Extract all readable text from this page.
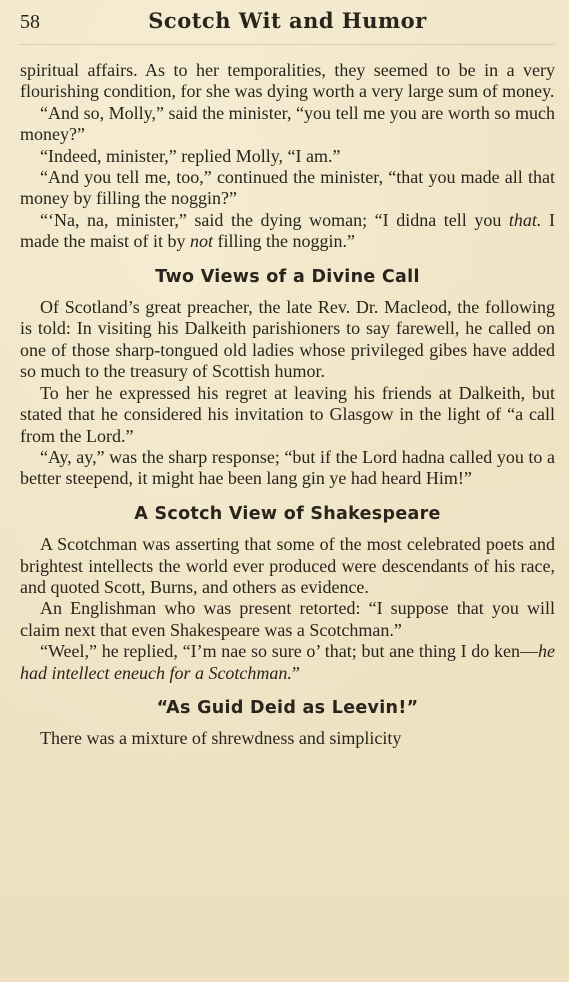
58	Scotch Wit and Humor

spiritual affairs. As to her temporalities, they seemed to be in a very flourishing condition, for she was dying worth a very large sum of money.

“And so, Molly,” said the minister, “you tell me you are worth so much money?”

“Indeed, minister,” replied Molly, “I am.”

“And you tell me, too,” continued the minister, “that you made all that money by filling the noggin?”

“‘Na, na, minister,” said the dying woman; “I didna tell you that. I made the maist of it by not filling the noggin.”

Two Views of a Divine Call

Of Scotland’s great preacher, the late Rev. Dr. Macleod, the following is told: In visiting his Dalkeith parishioners to say farewell, he called on one of those sharp-tongued old ladies whose privileged gibes have added so much to the treasury of Scottish humor.

To her he expressed his regret at leaving his friends at Dalkeith, but stated that he considered his invitation to Glasgow in the light of “a call from the Lord.”

“Ay, ay,” was the sharp response; “but if the Lord hadna called you to a better steepend, it might hae been lang gin ye had heard Him!”

A Scotch View of Shakespeare

A Scotchman was asserting that some of the most celebrated poets and brightest intellects the world ever produced were descendants of his race, and quoted Scott, Burns, and others as evidence.

An Englishman who was present retorted: “I suppose that you will claim next that even Shakespeare was a Scotchman.”

“Weel,” he replied, “I’m nae so sure o’ that; but ane thing I do ken—he had intellect eneuch for a Scotchman.”

“As Guid Deid as Leevin!”

There was a mixture of shrewdness and simplicity
